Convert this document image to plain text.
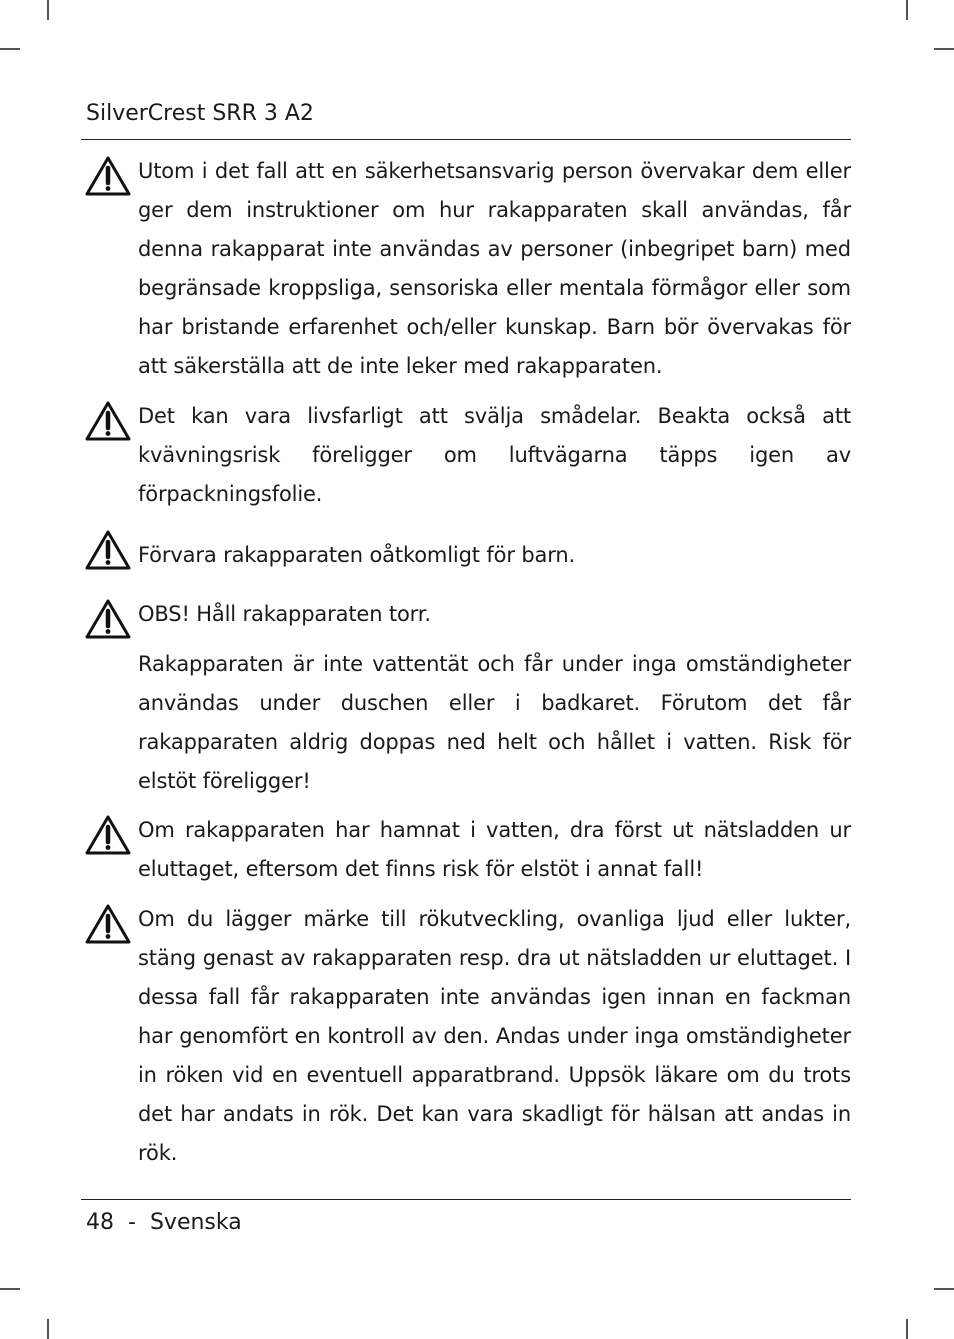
SilverCrest SRR 3 A2
Utom i det fall att en säkerhetsansvarig person övervakar dem eller ger dem instruktioner om hur rakapparaten skall användas, får denna rakapparat inte användas av personer (inbegripet barn) med begränsade kroppsliga, sensoriska eller mentala förmågor eller som har bristande erfarenhet och/eller kunskap. Barn bör övervakas för att säkerställa att de inte leker med rakapparaten.
Det kan vara livsfarligt att svälja smådelar. Beakta också att kvävningsrisk föreligger om luftvägarna täpps igen av förpackningsfolie.
Förvara rakapparaten oåtkomligt för barn.
OBS! Håll rakapparaten torr.
Rakapparaten är inte vattentät och får under inga omständigheter användas under duschen eller i badkaret. Förutom det får rakapparaten aldrig doppas ned helt och hållet i vatten. Risk för elstöt föreligger!
Om rakapparaten har hamnat i vatten, dra först ut nätsladden ur eluttaget, eftersom det finns risk för elstöt i annat fall!
Om du lägger märke till rökutveckling, ovanliga ljud eller lukter, stäng genast av rakapparaten resp. dra ut nätsladden ur eluttaget. I dessa fall får rakapparaten inte användas igen innan en fackman har genomfört en kontroll av den. Andas under inga omständigheter in röken vid en eventuell apparatbrand. Uppsök läkare om du trots det har andats in rök. Det kan vara skadligt för hälsan att andas in rök.
48 - Svenska
